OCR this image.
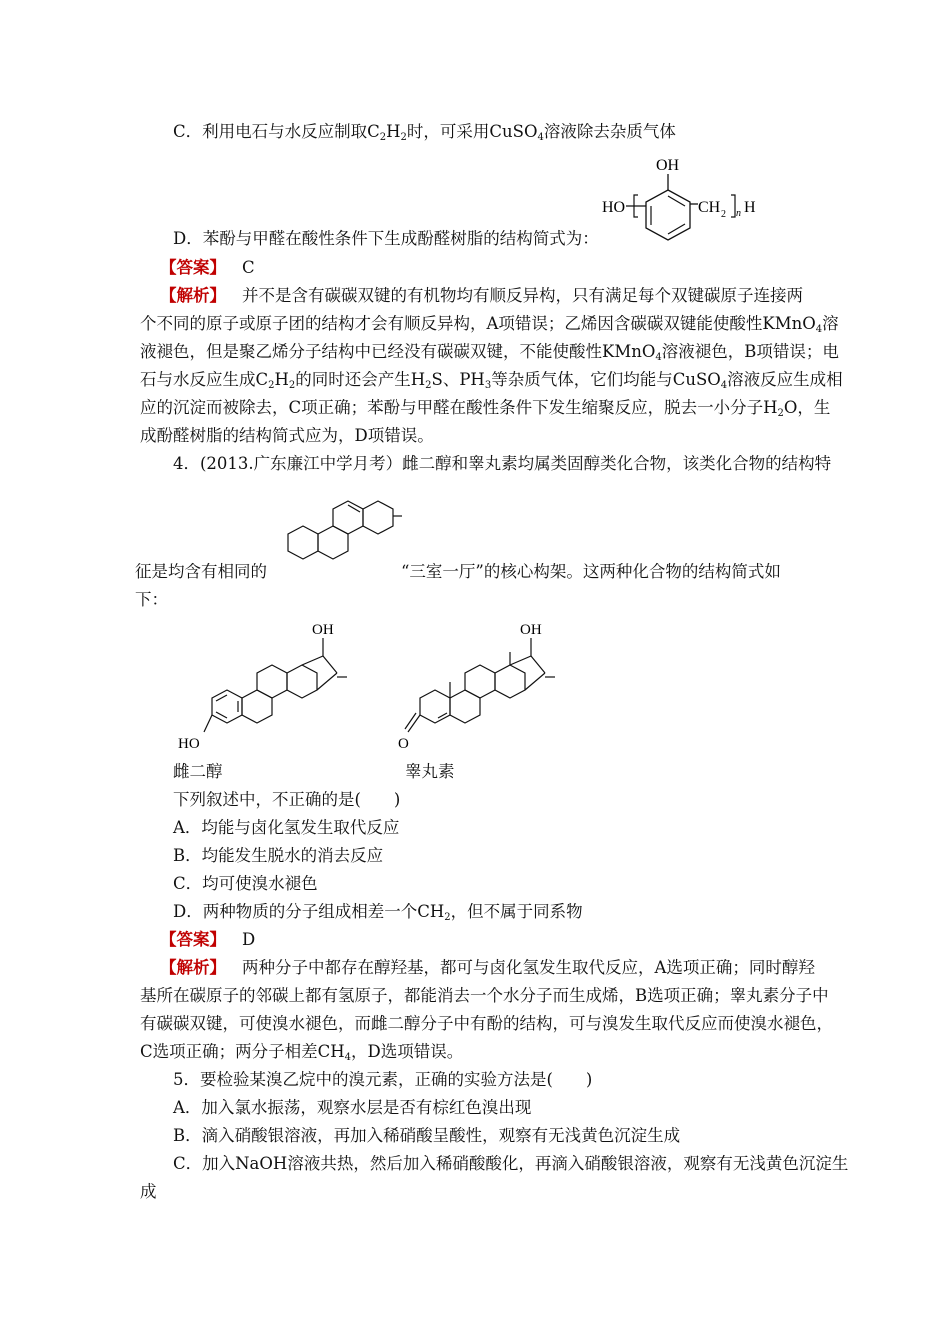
C．利用电石与水反应制取$C_2H_2$时，可采用CuSO$_4$溶液除去杂质气体
OH
HO	CH 2 n H
D．苯酚与甲醛在酸性条件下生成酚醛树脂的结构简式为：
【答案】 C
【解析】 并不是含有碳碳双键的有机物均有顺反异构，只有满足每个双键碳原子连接两
个不同的原子或原子团的结构才会有顺反异构，A项错误；乙烯因含碳碳双键能使酸性KMnO$_4$溶
液褪色，但是聚乙烯分子结构中已经没有碳碳双键，不能使酸性KMnO$_4$溶液褪色，B项错误；电
石与水反应生成$C_2H_2$的同时还会产生$H_2S$、$PH_3$等杂质气体，它们均能与CuSO$_4$溶液反应生成相
应的沉淀而被除去，C项正确；苯酚与甲醛在酸性条件下发生缩聚反应，脱去一小分子$H_2O$，生
成酚醛树脂的结构简式应为，D项错误。
4．(2013.广东廉江中学月考）雌二醇和睾丸素均属类固醇类化合物，该类化合物的结构特
征是均含有相同的	“三室一厅”的核心构架。这两种化合物的结构简式如
下：
OH
HO
OH
O
雌二醇	睾丸素
下列叙述中，不正确的是(　　)
A．均能与卤化氢发生取代反应
B．均能发生脱水的消去反应
C．均可使溴水褪色
D．两种物质的分子组成相差一个$CH_2$，但不属于同系物
【答案】 D
【解析】 两种分子中都存在醇羟基，都可与卤化氢发生取代反应，A选项正确；同时醇羟
基所在碳原子的邻碳上都有氢原子，都能消去一个水分子而生成烯，B选项正确；睾丸素分子中
有碳碳双键，可使溴水褪色，而雌二醇分子中有酚的结构，可与溴发生取代反应而使溴水褪色，
C选项正确；两分子相差$CH_4$，D选项错误。
5．要检验某溴乙烷中的溴元素，正确的实验方法是(　　)
A．加入氯水振荡，观察水层是否有棕红色溴出现
B．滴入硝酸银溶液，再加入稀硝酸呈酸性，观察有无浅黄色沉淀生成
C．加入NaOH溶液共热，然后加入稀硝酸酸化，再滴入硝酸银溶液，观察有无浅黄色沉淀生
成
